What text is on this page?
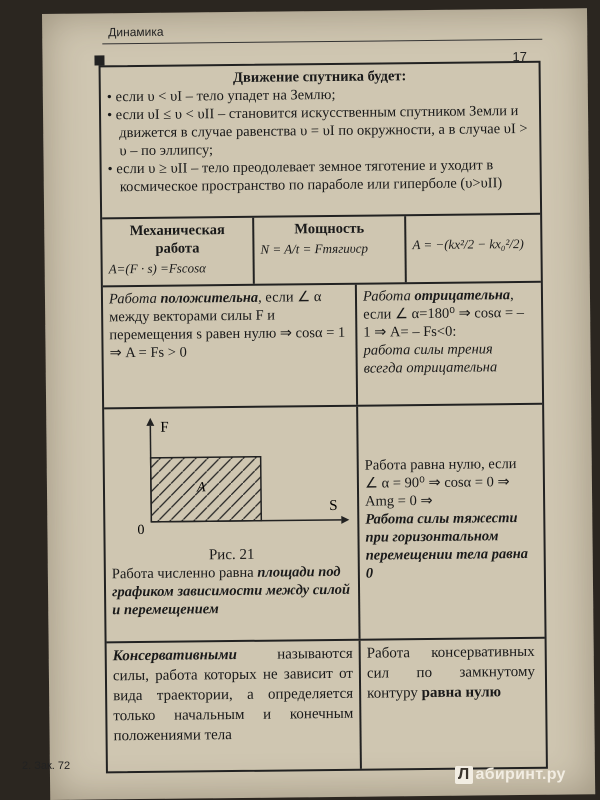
Динамика
17
Движение спутника будет:

• если υ < υI – тело упадет на Землю;

• если υI ≤ υ < υII – становится искусственным спутником Земли и движется в случае равенства υ = υI по окружности, а в случае υI > υ – по эллипсу;

• если υ ≥ υII – тело преодолевает земное тяготение и уходит в космическое пространство по параболе или гиперболе (υ>υII)

Механическая работа
A=(F · s) =Fscosα
Мощность
N = A/t = Fтягиυср	A = −(kx²/2 − kx₀²/2)
Работа положительна, если ∠ α между векторами силы F и перемещения s равен нулю ⇒ cosα = 1 ⇒ A = Fs > 0
Работа отрицательна, если ∠ α=180⁰ ⇒ cosα = –1 ⇒ A= – Fs<0:
работа силы трения всегда отрицательна
F
S
0
A
Рис. 21
Работа численно равна площади под графиком зависимости между силой и перемещением
Работа равна нулю, если ∠ α = 90⁰ ⇒ cosα = 0 ⇒ Amg = 0 ⇒
Работа силы тяжести при горизонтальном перемещении тела равна 0
Консервативными называются силы, работа которых не зависит от вида траектории, а определяется только начальным и конечным положениями тела
Работа консервативных сил по замкнутому контуру равна нулю
2. Зак. 72	Л абиринт.ру
